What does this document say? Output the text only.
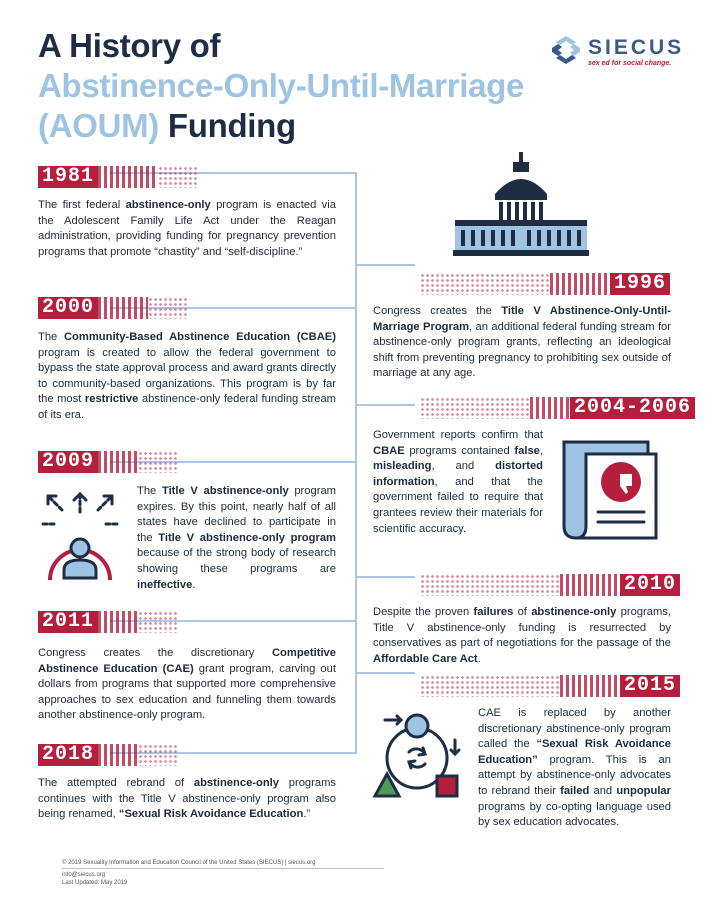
A History of
Abstinence-Only-Until-Marriage
(AOUM) Funding
SIECUS
sex ed for social change.
1981
The first federal abstinence-only program is enacted via the Adolescent Family Life Act under the Reagan administration, providing funding for pregnancy prevention programs that promote “chastity” and “self-discipline.”
1996
Congress creates the Title V Abstinence-Only-Until-Marriage Program, an additional federal funding stream for abstinence-only program grants, reflecting an ideological shift from preventing pregnancy to prohibiting sex outside of marriage at any age.
2000
The Community-Based Abstinence Education (CBAE) program is created to allow the federal government to bypass the state approval process and award grants directly to community-based organizations. This program is by far the most restrictive abstinence-only federal funding stream of its era.	2004-2006
Government reports confirm that CBAE programs contained false, misleading, and distorted information, and that the government failed to require that grantees review their materials for scientific accuracy.
2009
The Title V abstinence-only program expires. By this point, nearly half of all states have declined to participate in the Title V abstinence-only program because of the strong body of research showing these programs are ineffective.	2010
Despite the proven failures of abstinence-only programs, Title V abstinence-only funding is resurrected by conservatives as part of negotiations for the passage of the Affordable Care Act.
2011
Congress creates the discretionary Competitive Abstinence Education (CAE) grant program, carving out dollars from programs that supported more comprehensive approaches to sex education and funneling them towards another abstinence-only program.
2015
CAE is replaced by another discretionary abstinence-only program called the “Sexual Risk Avoidance Education” program. This is an attempt by abstinence-only advocates to rebrand their failed and unpopular programs by co-opting language used by sex education advocates.
2018
The attempted rebrand of abstinence-only programs continues with the Title V abstinence-only program also being renamed, “Sexual Risk Avoidance Education.”
© 2019 Sexuality Information and Education Council of the United States (SIECUS) | siecus.org
info@siecus.org
Last Updated: May 2019
